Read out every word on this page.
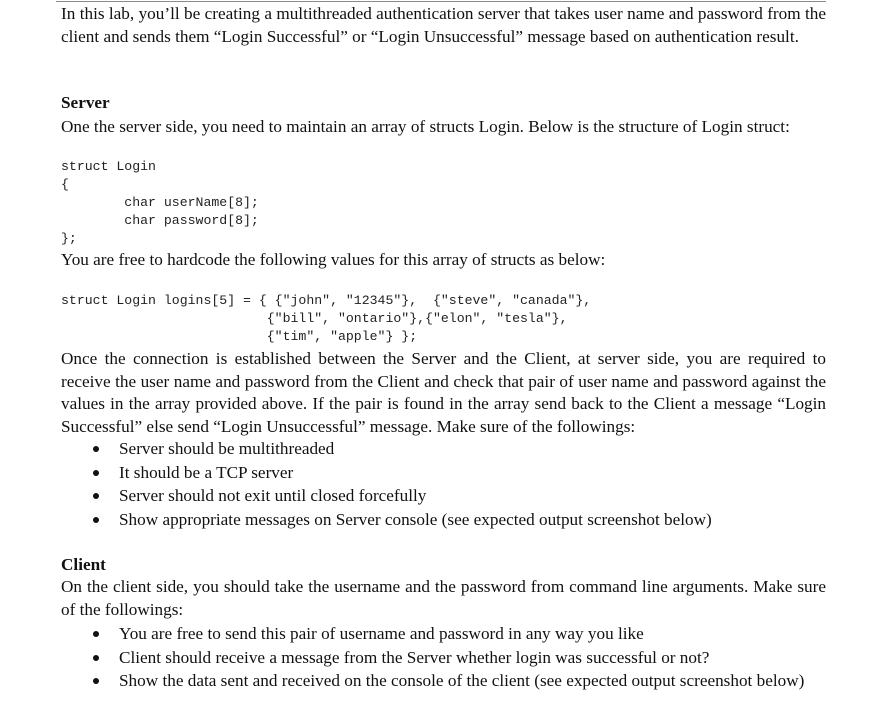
In this lab, you’ll be creating a multithreaded authentication server that takes user name and password from the client and sends them “Login Successful” or “Login Unsuccessful” message based on authentication result.

Server

One the server side, you need to maintain an array of structs Login. Below is the structure of Login struct:

struct Login
{
char userName[8];
char password[8];
};

You are free to hardcode the following values for this array of structs as below:

struct Login logins[5] = { {"john", "12345"},  {"steve", "canada"},
{"bill", "ontario"},{"elon", "tesla"},
{"tim", "apple"} };

Once the connection is established between the Server and the Client, at server side, you are required to receive the user name and password from the Client and check that pair of user name and password against the values in the array provided above. If the pair is found in the array send back to the Client a message “Login Successful” else send “Login Unsuccessful” message. Make sure of the followings:

Server should be multithreaded
It should be a TCP server
Server should not exit until closed forcefully
Show appropriate messages on Server console (see expected output screenshot below)
Client

On the client side, you should take the username and the password from command line arguments. Make sure of the followings:

You are free to send this pair of username and password in any way you like
Client should receive a message from the Server whether login was successful or not?
Show the data sent and received on the console of the client (see expected output screenshot below)
